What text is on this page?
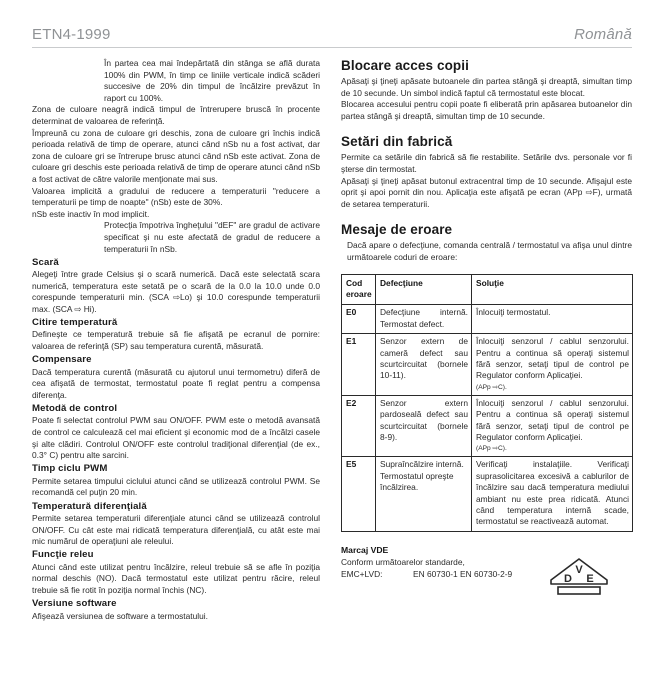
ETN4-1999	Română

În partea cea mai îndepărtată din stânga se află durata 100% din PWM, în timp ce liniile verticale indică scăderi succesive de 20% din timpul de încălzire prevăzut în raport cu 100%.

Zona de culoare neagră indică timpul de întrerupere bruscă în procente determinat de valoarea de referinţă.

Împreună cu zona de culoare gri deschis, zona de culoare gri închis indică perioada relativă de timp de operare, atunci când nSb nu a fost activat, dar zona de culoare gri se întrerupe brusc atunci când nSb este activat. Zona de culoare gri deschis este perioada relativă de timp de operare atunci când nSb a fost activat de către valorile menţionate mai sus.

Valoarea implicită a gradului de reducere a temperaturii "reducere a temperaturii pe timp de noapte" (nSb) este de 30%.

nSb este inactiv în mod implicit.

Protecţia împotriva îngheţului "dEF" are gradul de activare specificat şi nu este afectată de gradul de reducere a temperaturii în nSb.

Scară

Alegeţi între grade Celsius şi o scară numerică. Dacă este selectată scara numerică, temperatura este setată pe o scară de la 0.0 la 10.0 unde 0.0 corespunde temperaturii min. (SCA ⇨Lo) şi 10.0 corespunde temperaturii max. (SCA ⇨ Hi).

Citire temperatură

Defineşte ce temperatură trebuie să fie afişată pe ecranul de pornire: valoarea de referinţă (SP) sau temperatura curentă, măsurată.

Compensare

Dacă temperatura curentă (măsurată cu ajutorul unui termometru) diferă de cea afişată de termostat, termostatul poate fi reglat pentru a compensa diferenţa.

Metodă de control

Poate fi selectat controlul PWM sau ON/OFF. PWM este o metodă avansată de control ce calculează cel mai eficient şi economic mod de a încălzi casele şi alte clădiri. Controlul ON/OFF este controlul tradiţional diferenţial (de ex., 0.3° C) pentru alte sarcini.

Timp ciclu PWM

Permite setarea timpului ciclului atunci când se utilizează controlul PWM. Se recomandă cel puţin 20 min.

Temperatură diferenţială

Permite setarea temperaturii diferenţiale atunci când se utilizează controlul ON/OFF. Cu cât este mai ridicată temperatura diferenţială, cu atât este mai mic numărul de operaţiuni ale releului.

Funcţie releu

Atunci când este utilizat pentru încălzire, releul trebuie să se afle în poziţia normal deschis (NO). Dacă termostatul este utilizat pentru răcire, releul trebuie să fie rotit în poziţia normal închis (NC).

Versiune software

Afişează versiunea de software a termostatului.

Blocare acces copii

Apăsaţi şi ţineţi apăsate butoanele din partea stângă şi dreaptă, simultan timp de 10 secunde. Un simbol indică faptul că termostatul este blocat.

Blocarea accesului pentru copii poate fi eliberată prin apăsarea butoanelor din partea stângă şi dreaptă, simultan timp de 10 secunde.

Setări din fabrică

Permite ca setările din fabrică să fie restabilite. Setările dvs. personale vor fi şterse din termostat.

Apăsaţi şi ţineţi apăsat butonul extracentral timp de 10 secunde. Afişajul este oprit şi apoi pornit din nou. Aplicaţia este afişată pe ecran (APp ⇨F), urmată de setarea temperaturii.

Mesaje de eroare

Dacă apare o defecţiune, comanda centrală / termostatul va afişa unul dintre următoarele coduri de eroare:

Cod eroare	Defecţiune	Soluţie
E0	Defecţiune internă. Termostat defect.	Înlocuiţi termostatul.
E1	Senzor extern de cameră defect sau scurtcircuitat (bornele 10-11).	Înlocuiţi senzorul / cablul senzorului. Pentru a continua să operaţi sistemul fără senzor, setaţi tipul de control pe Regulator conform Aplicaţiei.
(APp ⇨C).

E2	Senzor extern pardoseală defect sau scurtcircuitat (bornele 8-9).	Înlocuiţi senzorul / cablul senzorului. Pentru a continua să operaţi sistemul fără senzor, setaţi tipul de control pe Regulator conform Aplicaţiei.
(APp ⇨C).

E5	Supraîncălzire internă. Termostatul opreşte încălzirea.	Verificaţi instalaţiile. Verificaţi suprasolicitarea excesivă a cablurilor de încălzire sau dacă temperatura mediului ambiant nu este prea ridicată. Atunci când temperatura internă scade, termostatul se reactivează automat.

Marcaj VDE

Conform următoarelor standarde,

EMC+LVD:	EN 60730-1 EN 60730-2-9	V
D E
